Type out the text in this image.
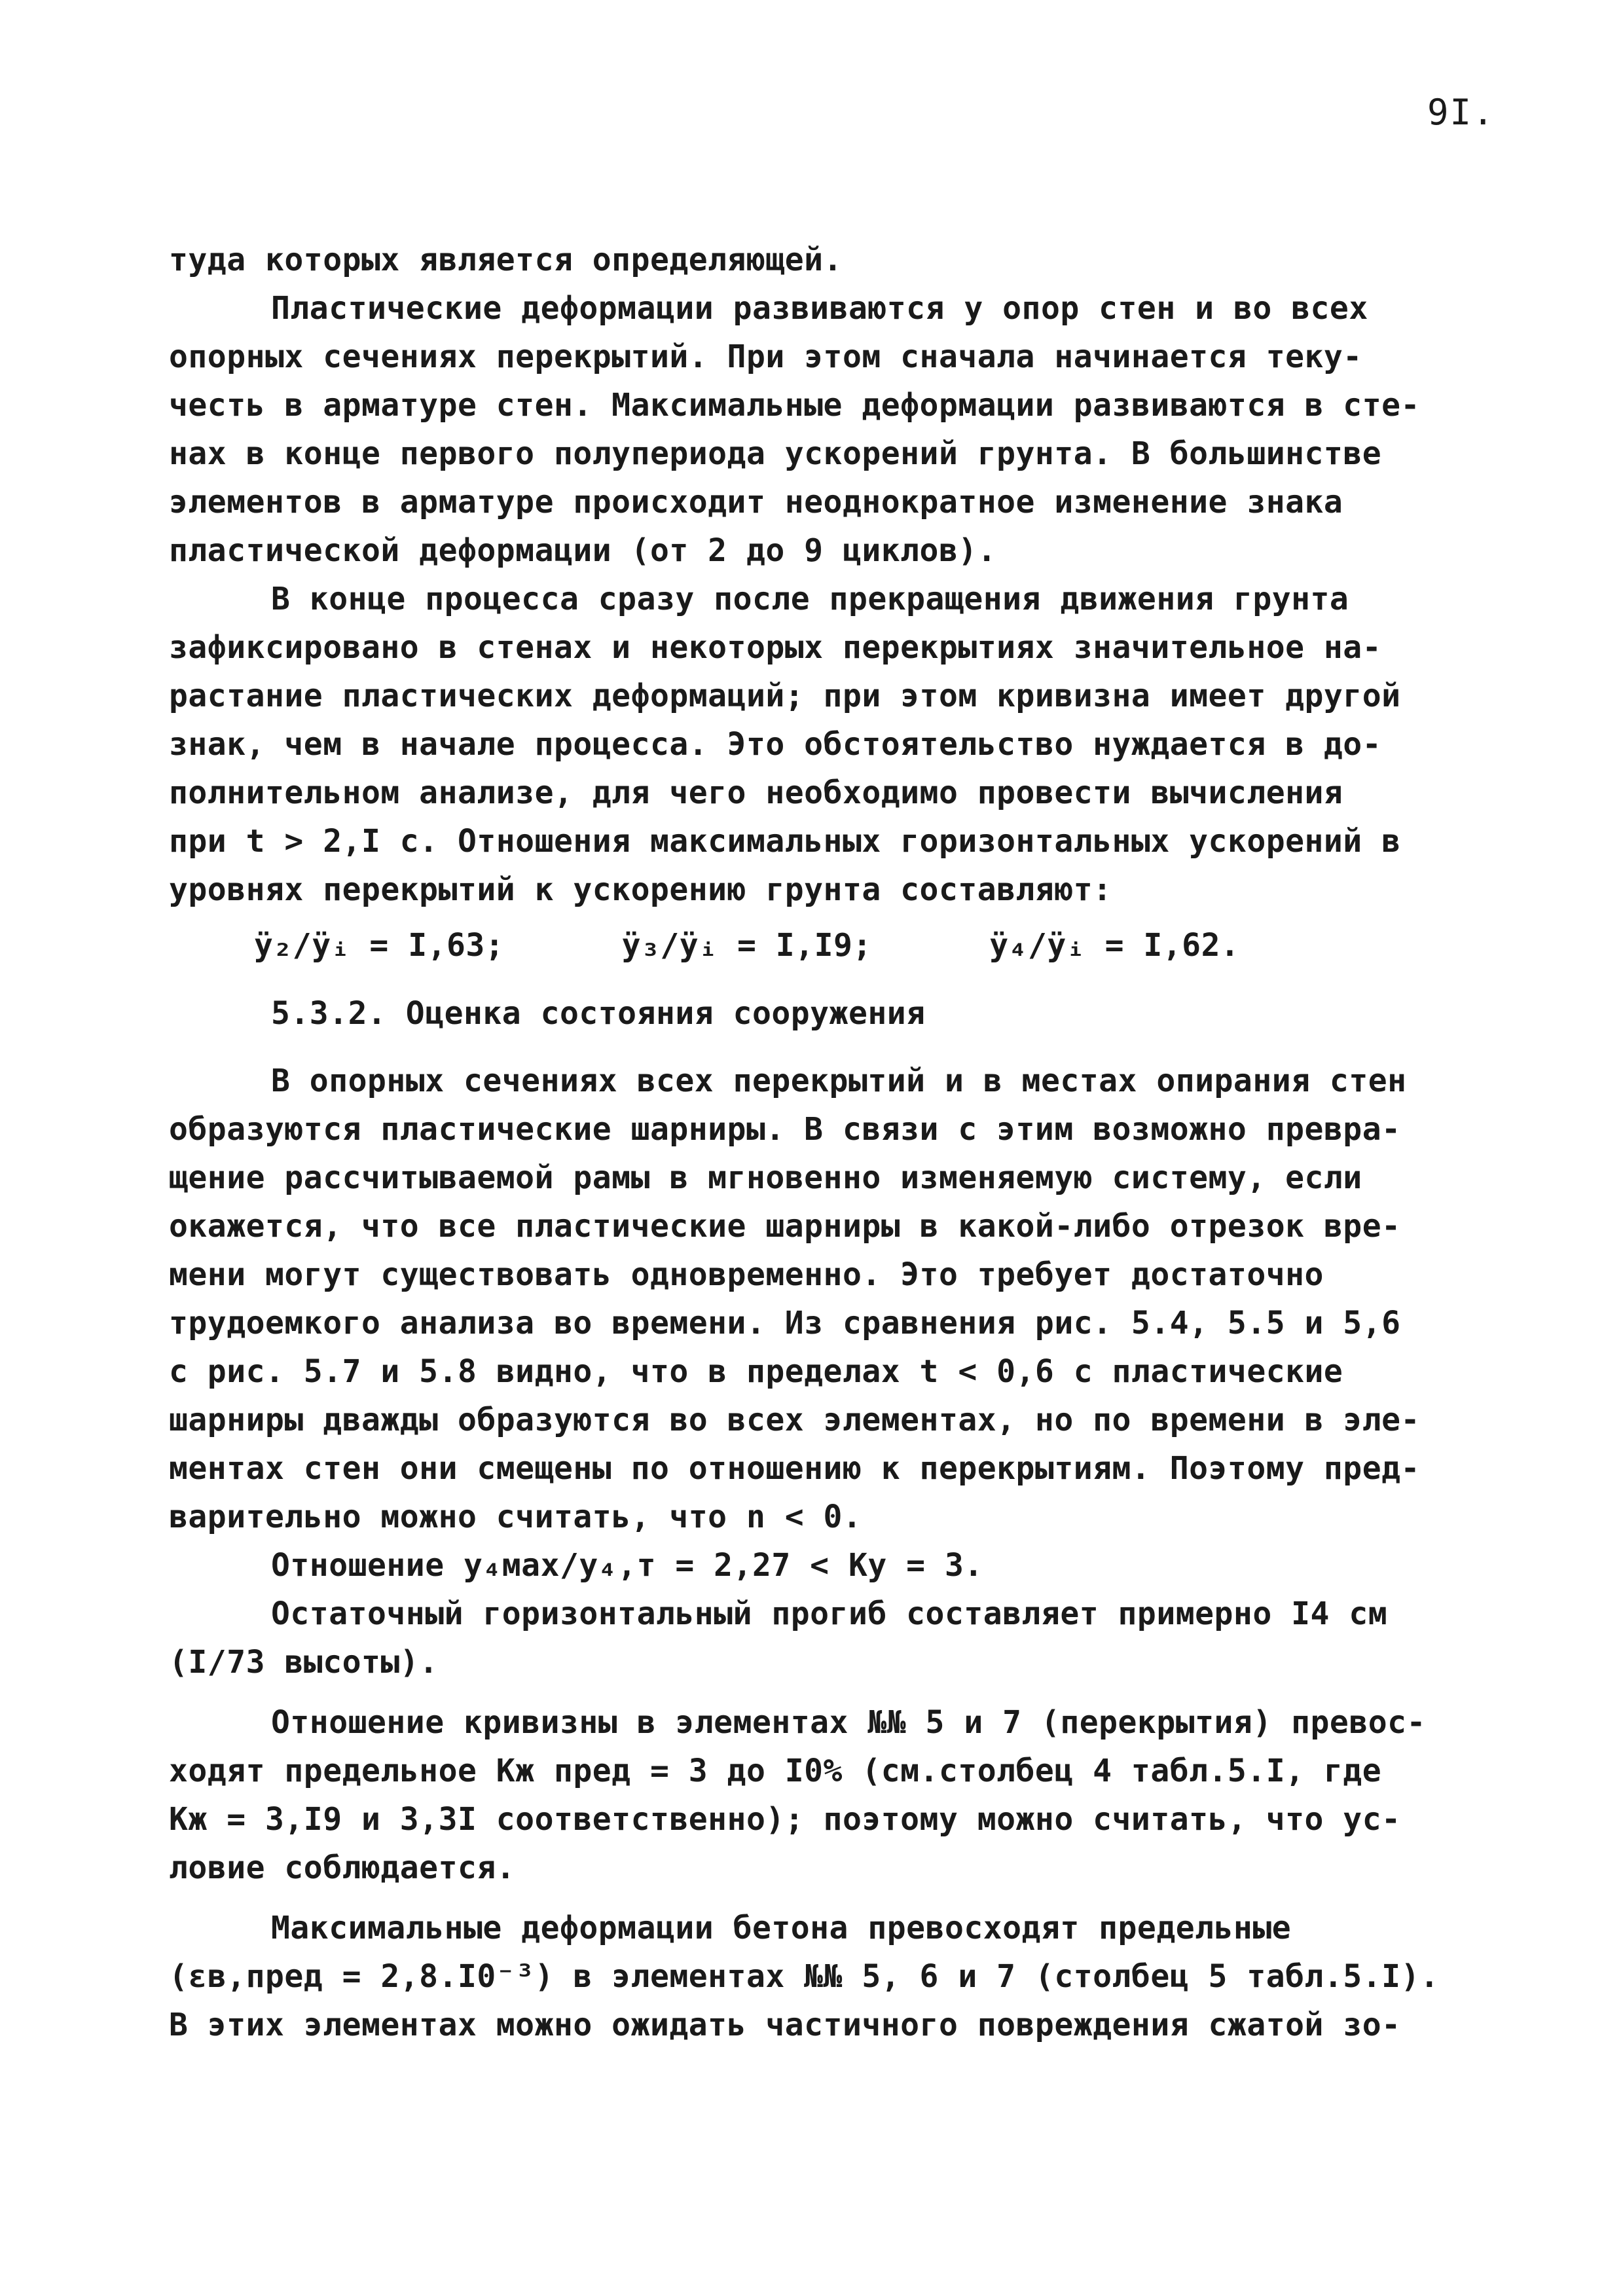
9I.
туда которых является определяющей.
Пластические деформации развиваются у опор стен и во всех
опорных сечениях перекрытий. При этом сначала начинается теку-
честь в арматуре стен. Максимальные деформации развиваются в сте-
нах в конце первого полупериода ускорений грунта. В большинстве
элементов в арматуре происходит неоднократное изменение знака
пластической деформации (от 2 до 9 циклов).
В конце процесса сразу после прекращения движения грунта
зафиксировано в стенах и некоторых перекрытиях значительное на-
растание пластических деформаций; при этом кривизна имеет другой
знак, чем в начале процесса. Это обстоятельство нуждается в до-
полнительном анализе, для чего необходимо провести вычисления
при t > 2,I с. Отношения максимальных горизонтальных ускорений в
уровнях перекрытий к ускорению грунта составляют:
ÿ₂/ÿᵢ = I,63;	ÿ₃/ÿᵢ = I,I9;	ÿ₄/ÿᵢ = I,62.
5.3.2. Оценка состояния сооружения
В опорных сечениях всех перекрытий и в местах опирания стен
образуются пластические шарниры. В связи с этим возможно превра-
щение рассчитываемой рамы в мгновенно изменяемую систему, если
окажется, что все пластические шарниры в какой-либо отрезок вре-
мени могут существовать одновременно. Это требует достаточно
трудоемкого анализа во времени. Из сравнения рис. 5.4, 5.5 и 5,6
с рис. 5.7 и 5.8 видно, что в пределах t < 0,6 с пластические
шарниры дважды образуются во всех элементах, но по времени в эле-
ментах стен они смещены по отношению к перекрытиям. Поэтому пред-
варительно можно считать, что n < 0.
Отношение у₄мах/у₄,т = 2,27 < Kу = 3.
Остаточный горизонтальный прогиб составляет примерно I4 см
(I/73 высоты).
Отношение кривизны в элементах №№ 5 и 7 (перекрытия) превос-
ходят предельное Kж пред = 3 до I0% (см.столбец 4 табл.5.I, где
Kж = 3,I9 и 3,3I соответственно); поэтому можно считать, что ус-
ловие соблюдается.
Максимальные деформации бетона превосходят предельные
(εв,пред = 2,8.I0⁻³) в элементах №№ 5, 6 и 7 (столбец 5 табл.5.I).
В этих элементах можно ожидать частичного повреждения сжатой зо-
